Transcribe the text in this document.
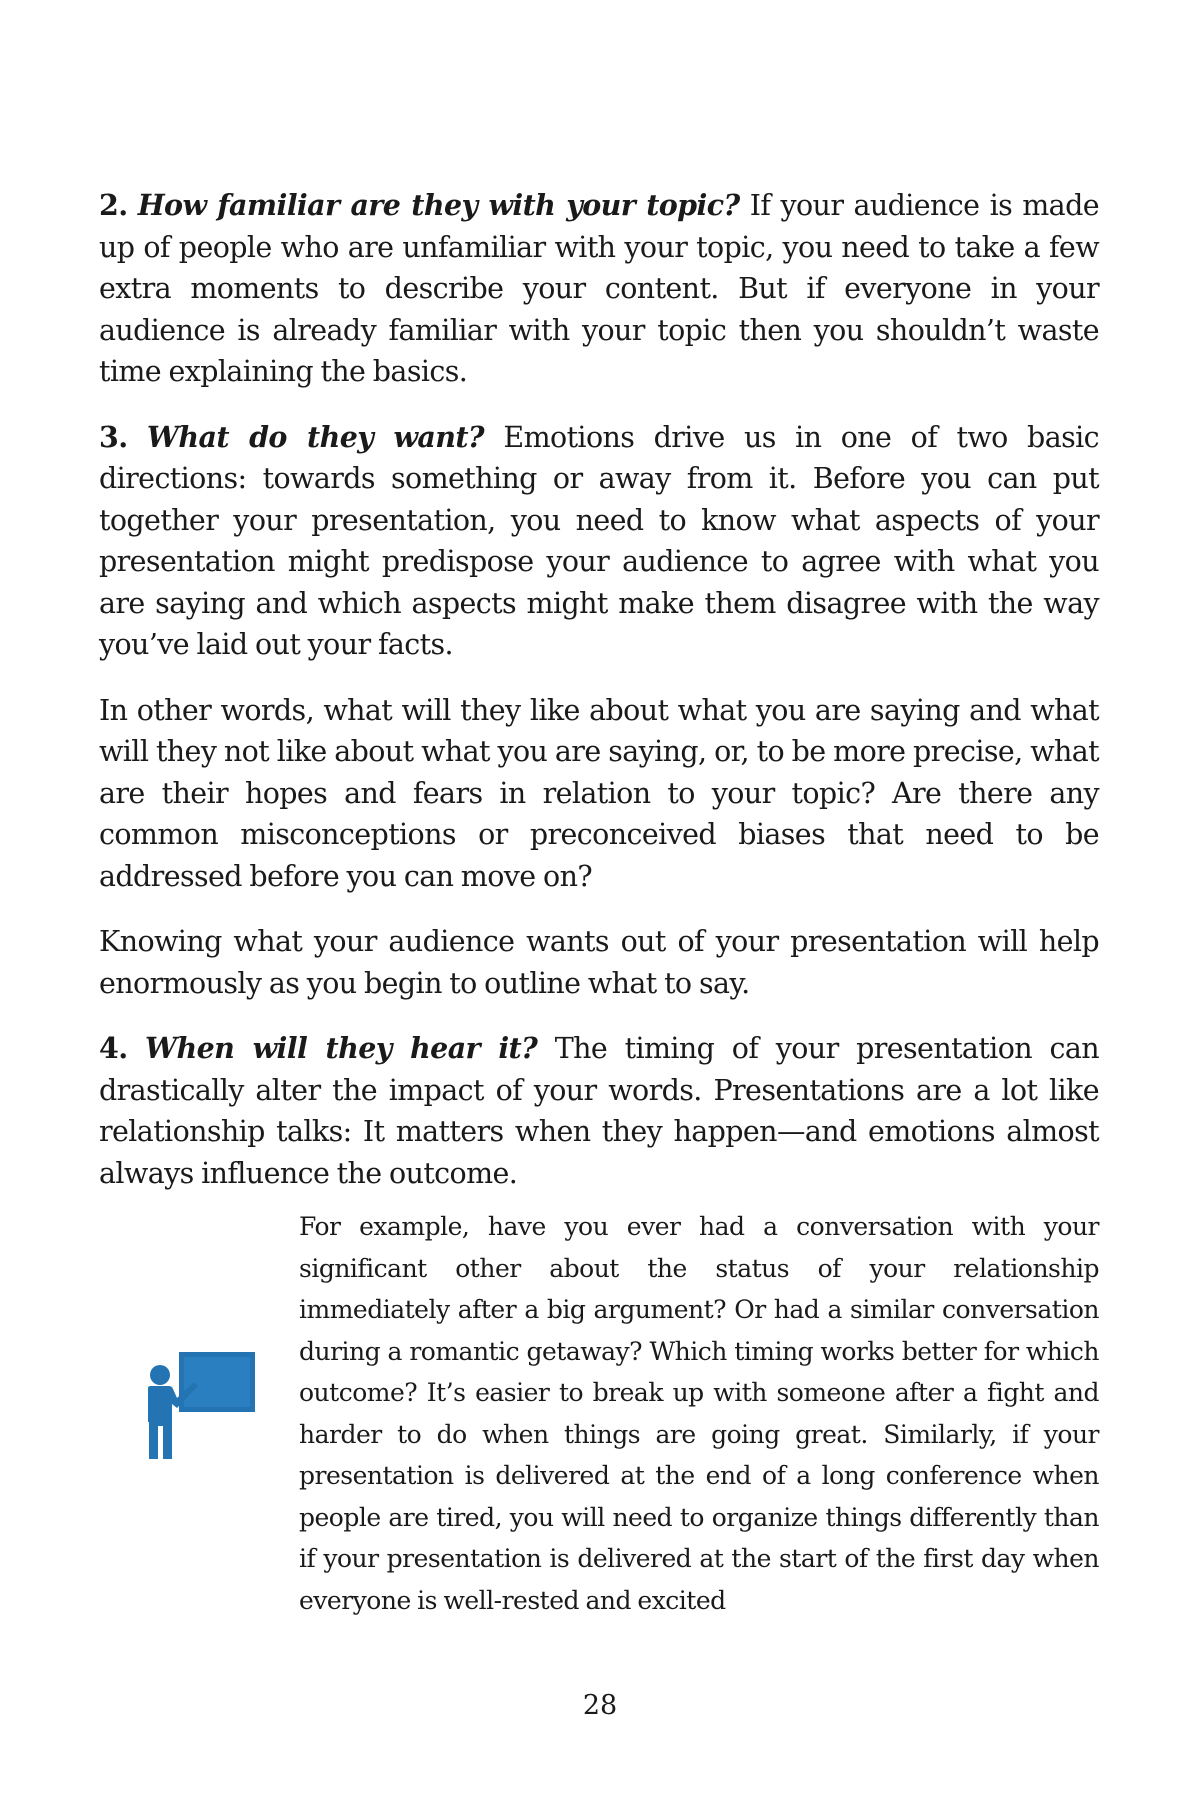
2. How familiar are they with your topic? If your audience is made up of people who are unfamiliar with your topic, you need to take a few extra moments to describe your content. But if everyone in your audience is already familiar with your topic then you shouldn’t waste time explaining the basics.

3. What do they want? Emotions drive us in one of two basic directions: towards something or away from it. Before you can put together your presentation, you need to know what aspects of your presentation might predispose your audience to agree with what you are saying and which aspects might make them disagree with the way you’ve laid out your facts.

In other words, what will they like about what you are saying and what will they not like about what you are saying, or, to be more precise, what are their hopes and fears in relation to your topic? Are there any common misconceptions or preconceived biases that need to be addressed before you can move on?

Knowing what your audience wants out of your presentation will help enormously as you begin to outline what to say.

4. When will they hear it? The timing of your presentation can drastically alter the impact of your words. Presentations are a lot like relationship talks: It matters when they happen—and emotions almost always influence the outcome.

For example, have you ever had a conversation with your significant other about the status of your relationship immediately after a big argument? Or had a similar conversation during a romantic getaway? Which timing works better for which outcome? It’s easier to break up with someone after a fight and harder to do when things are going great. Similarly, if your presentation is delivered at the end of a long conference when people are tired, you will need to organize things differently than if your presentation is delivered at the start of the first day when everyone is well-rested and excited

28
